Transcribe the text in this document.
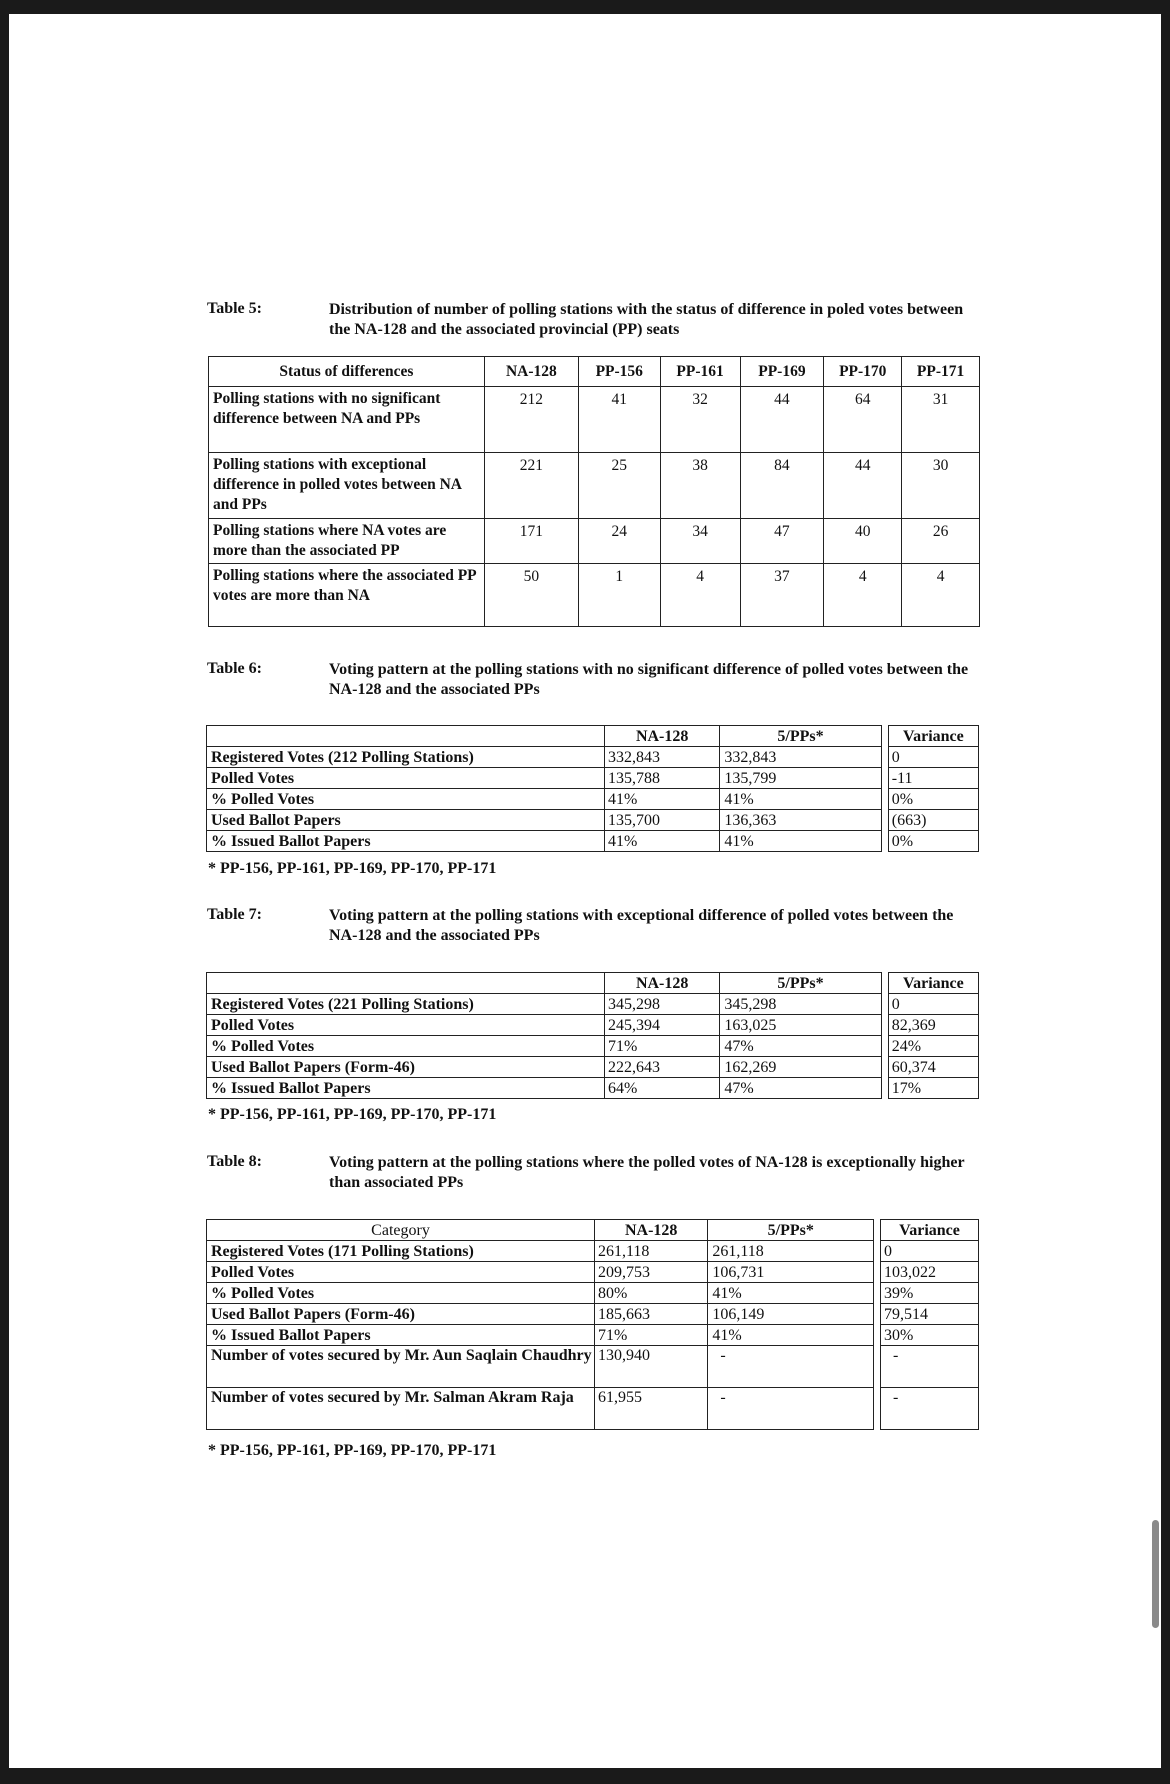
Table 5:	Distribution of number of polling stations with the status of difference in poled votes between the NA-128 and the associated provincial (PP) seats
Status of differences	NA-128	PP-156	PP-161	PP-169	PP-170	PP-171
Polling stations with no significant difference between NA and PPs	212	41	32	44	64	31
Polling stations with exceptional difference in polled votes between NA and PPs	221	25	38	84	44	30
Polling stations where NA votes are more than the associated PP	171	24	34	47	40	26
Polling stations where the associated PP votes are more than NA	50	1	4	37	4	4
Table 6:	Voting pattern at the polling stations with no significant difference of polled votes between the NA-128 and the associated PPs
	NA-128	5/PPs*		Variance
Registered Votes (212 Polling Stations)	332,843	332,843		0
Polled Votes	135,788	135,799		-11
% Polled Votes	41%	41%		0%
Used Ballot Papers	135,700	136,363		(663)
% Issued Ballot Papers	41%	41%		0%
* PP-156, PP-161, PP-169, PP-170, PP-171
Table 7:	Voting pattern at the polling stations with exceptional difference of polled votes between the NA-128 and the associated PPs
	NA-128	5/PPs*		Variance
Registered Votes (221 Polling Stations)	345,298	345,298		0
Polled Votes	245,394	163,025		82,369
% Polled Votes	71%	47%		24%
Used Ballot Papers (Form-46)	222,643	162,269		60,374
% Issued Ballot Papers	64%	47%		17%
* PP-156, PP-161, PP-169, PP-170, PP-171
Table 8:	Voting pattern at the polling stations where the polled votes of NA-128 is exceptionally higher than associated PPs
Category	NA-128	5/PPs*		Variance
Registered Votes (171 Polling Stations)	261,118	261,118		0
Polled Votes	209,753	106,731		103,022
% Polled Votes	80%	41%		39%
Used Ballot Papers (Form-46)	185,663	106,149		79,514
% Issued Ballot Papers	71%	41%		30%
Number of votes secured by Mr. Aun Saqlain Chaudhry	130,940	-		-
Number of votes secured by Mr. Salman Akram Raja	61,955	-		-
* PP-156, PP-161, PP-169, PP-170, PP-171
